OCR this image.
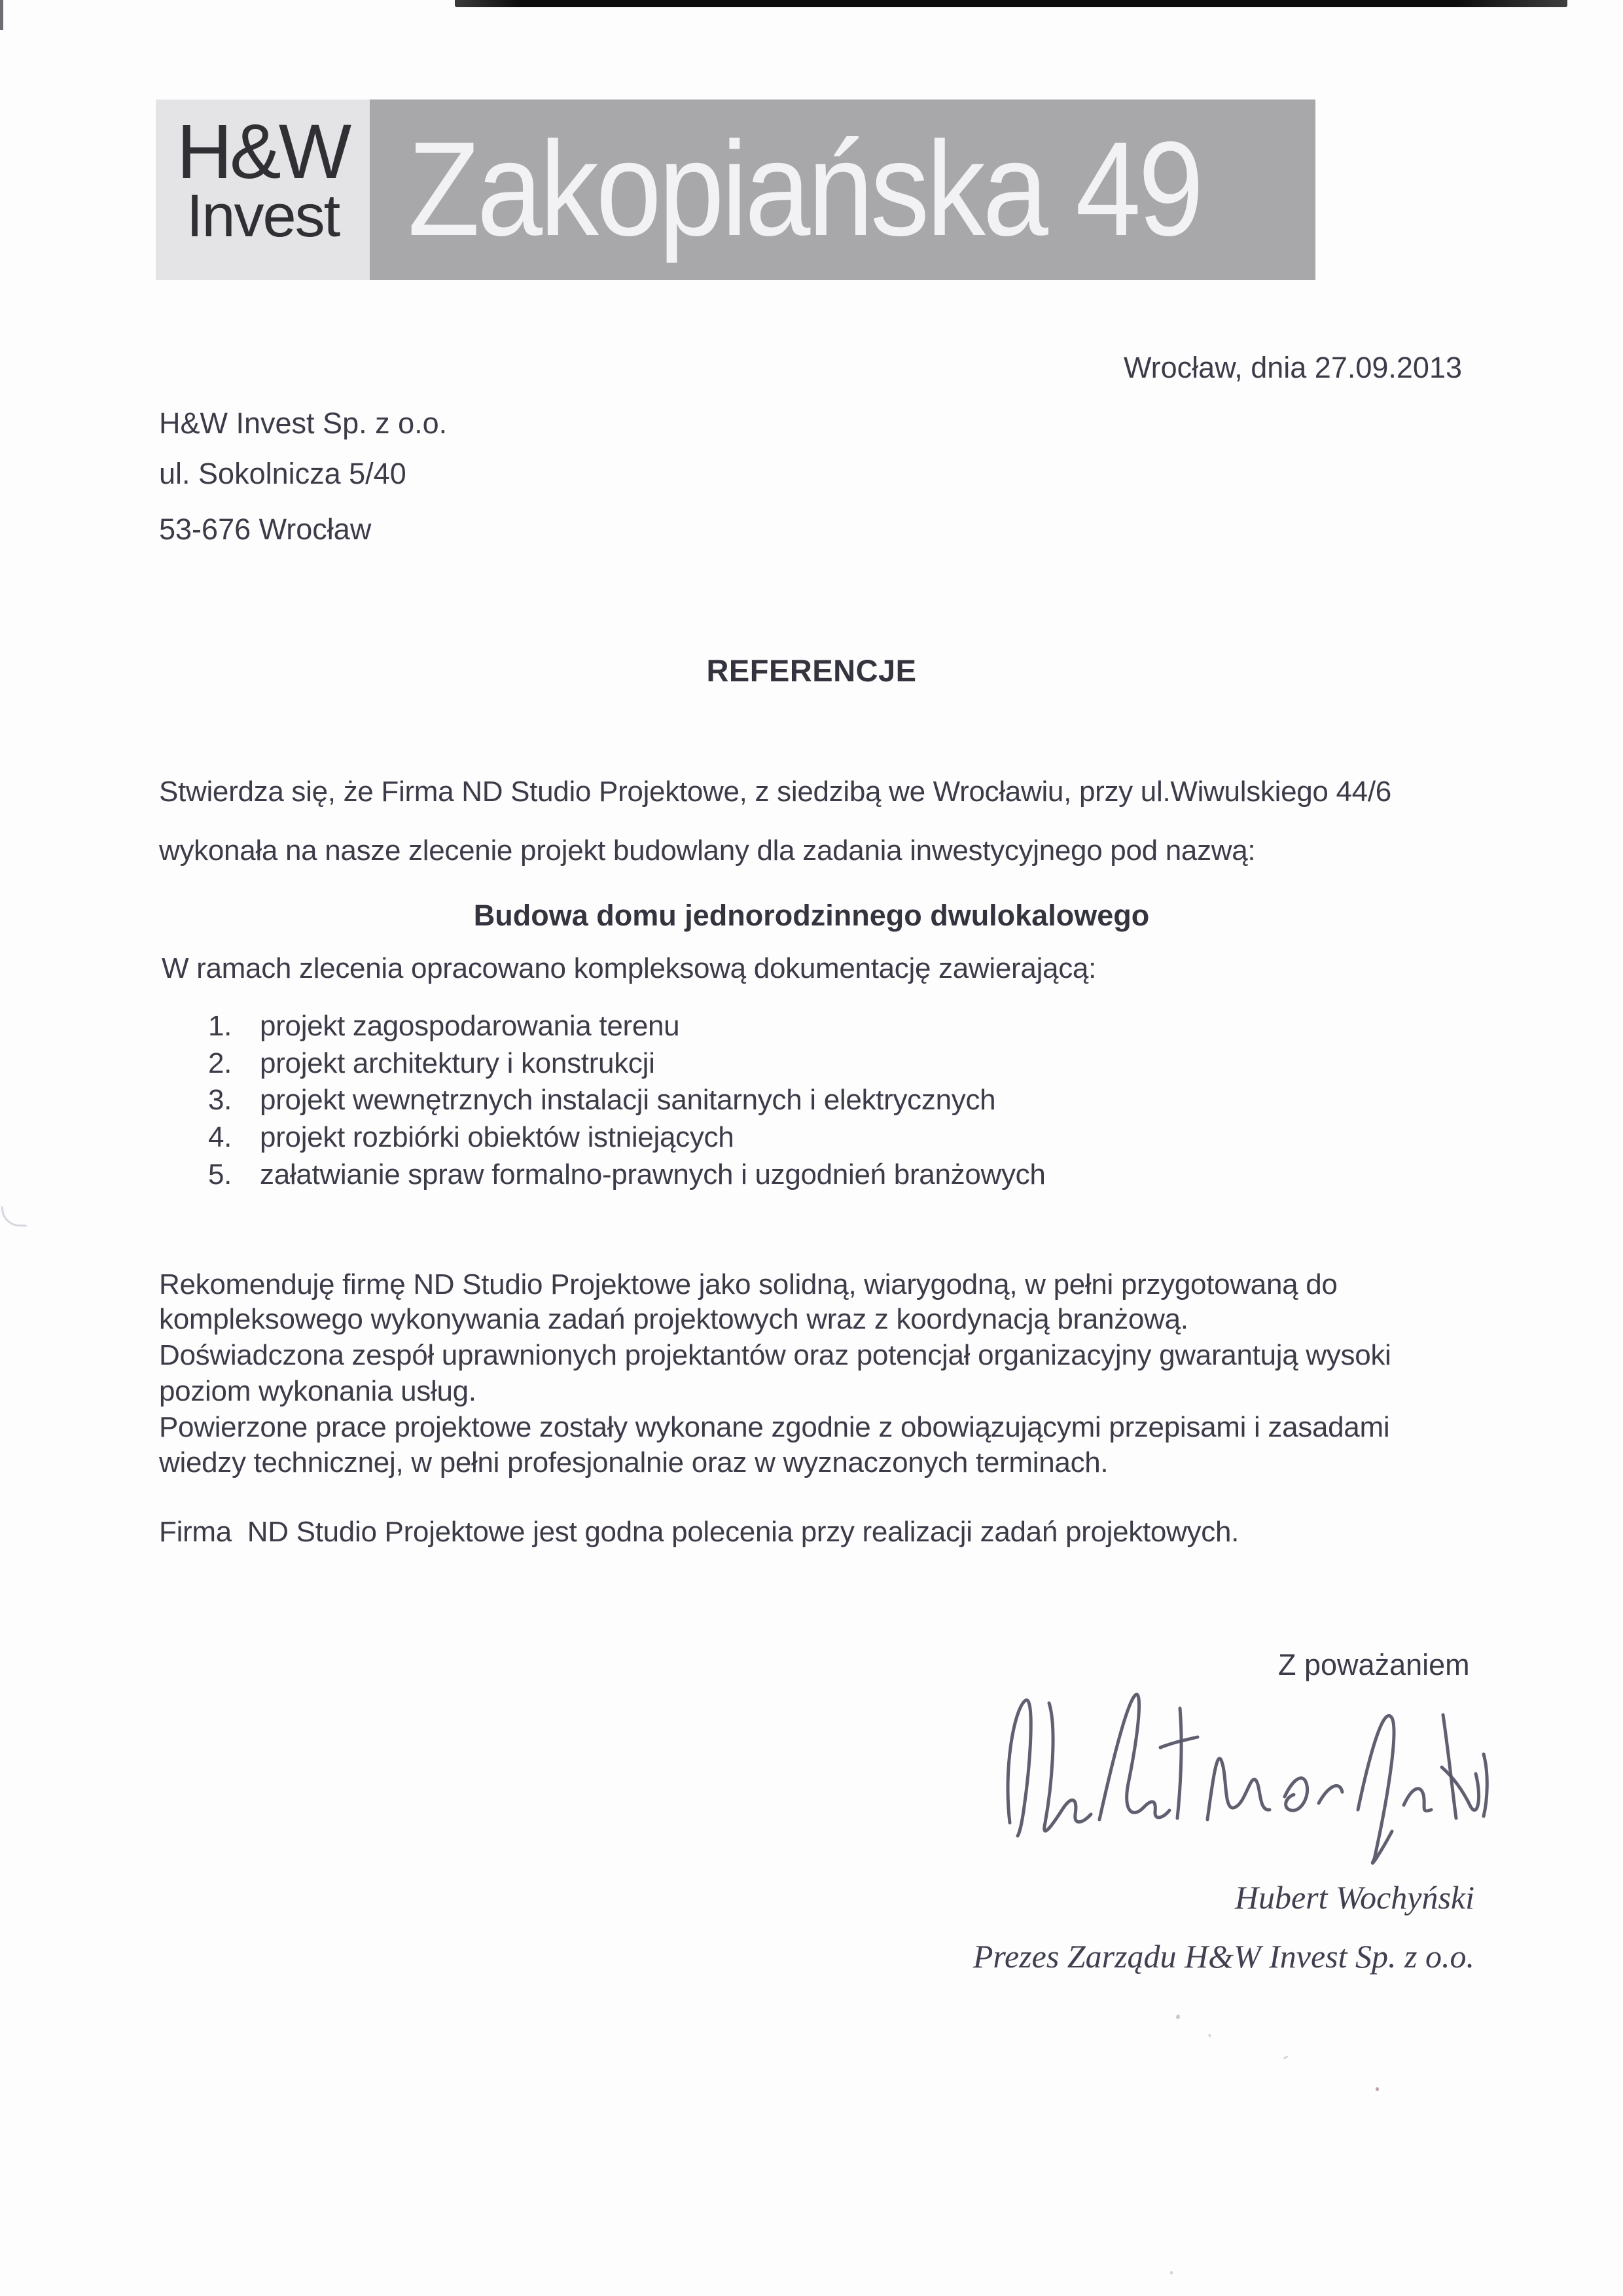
H&W
Invest Zakopiańska 49
Wrocław, dnia 27.09.2013
H&W Invest Sp. z o.o.
ul. Sokolnicza 5/40
53-676 Wrocław
REFERENCJE
Stwierdza się, że Firma ND Studio Projektowe, z siedzibą we Wrocławiu, przy ul.Wiwulskiego 44/6
wykonała na nasze zlecenie projekt budowlany dla zadania inwestycyjnego pod nazwą:
Budowa domu jednorodzinnego dwulokalowego
W ramach zlecenia opracowano kompleksową dokumentację zawierającą:
1. projekt zagospodarowania terenu
2. projekt architektury i konstrukcji
3. projekt wewnętrznych instalacji sanitarnych i elektrycznych
4. projekt rozbiórki obiektów istniejących
5. załatwianie spraw formalno-prawnych i uzgodnień branżowych
Rekomenduję firmę ND Studio Projektowe jako solidną, wiarygodną, w pełni przygotowaną do
kompleksowego wykonywania zadań projektowych wraz z koordynacją branżową.
Doświadczona zespół uprawnionych projektantów oraz potencjał organizacyjny gwarantują wysoki
poziom wykonania usług.
Powierzone prace projektowe zostały wykonane zgodnie z obowiązującymi przepisami i zasadami
wiedzy technicznej, w pełni profesjonalnie oraz w wyznaczonych terminach.
Firma  ND Studio Projektowe jest godna polecenia przy realizacji zadań projektowych.
Z poważaniem
Hubert Wochyński
Prezes Zarządu H&W Invest Sp. z o.o.
